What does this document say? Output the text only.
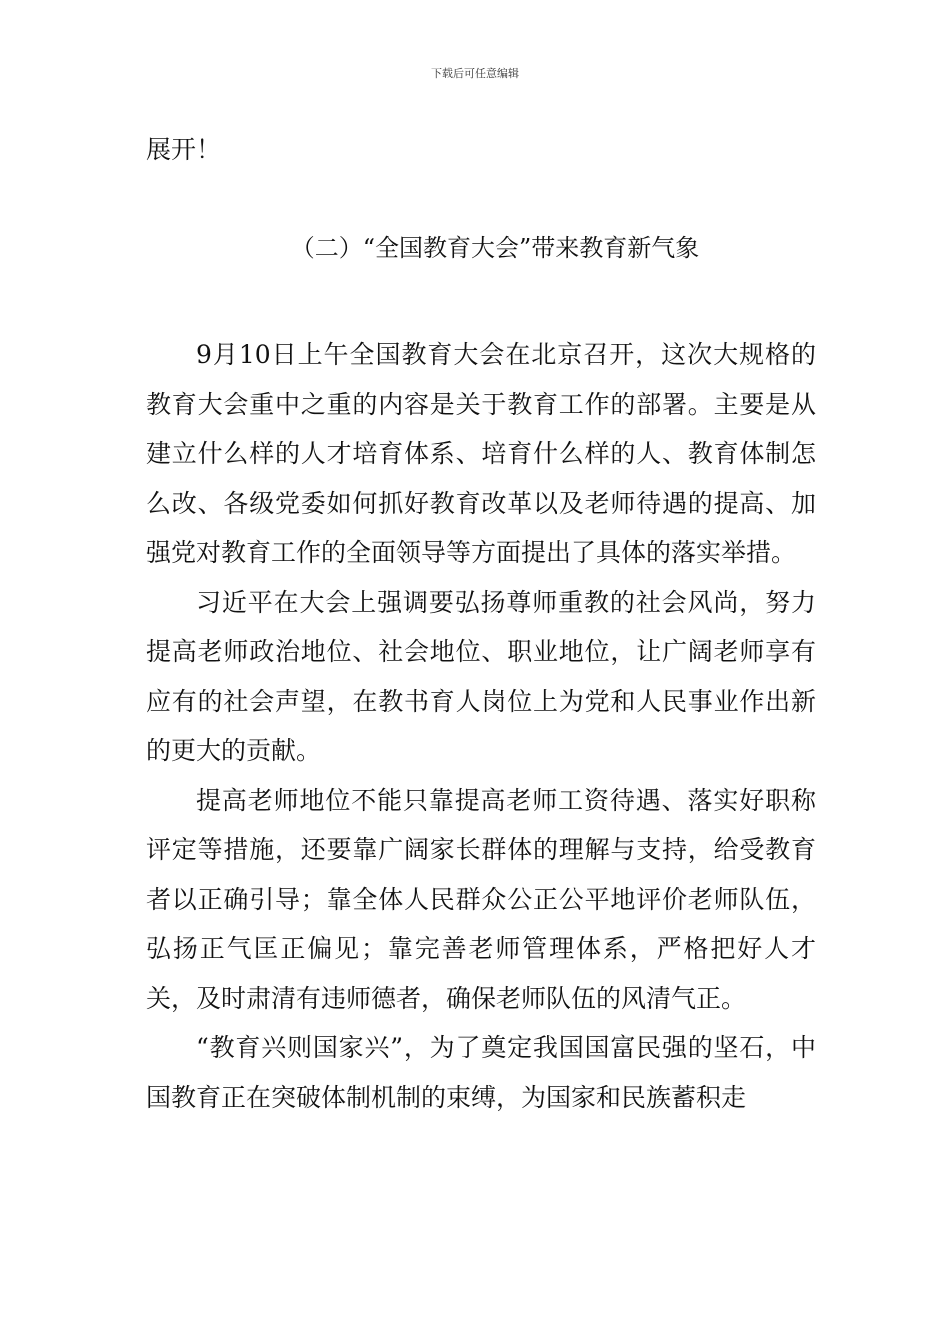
下载后可任意编辑
展开！
（二）“全国教育大会”带来教育新气象

9月10日上午全国教育大会在北京召开，这次大规格的教育大会重中之重的内容是关于教育工作的部署。主要是从建立什么样的人才培育体系、培育什么样的人、教育体制怎么改、各级党委如何抓好教育改革以及老师待遇的提高、加强党对教育工作的全面领导等方面提出了具体的落实举措。

习近平在大会上强调要弘扬尊师重教的社会风尚，努力提高老师政治地位、社会地位、职业地位，让广阔老师享有应有的社会声望，在教书育人岗位上为党和人民事业作出新的更大的贡献。

提高老师地位不能只靠提高老师工资待遇、落实好职称评定等措施，还要靠广阔家长群体的理解与支持，给受教育者以正确引导；靠全体人民群众公正公平地评价老师队伍，弘扬正气匡正偏见；靠完善老师管理体系，严格把好人才关，及时肃清有违师德者，确保老师队伍的风清气正。

“教育兴则国家兴”，为了奠定我国国富民强的坚石，中国教育正在突破体制机制的束缚，为国家和民族蓄积走
